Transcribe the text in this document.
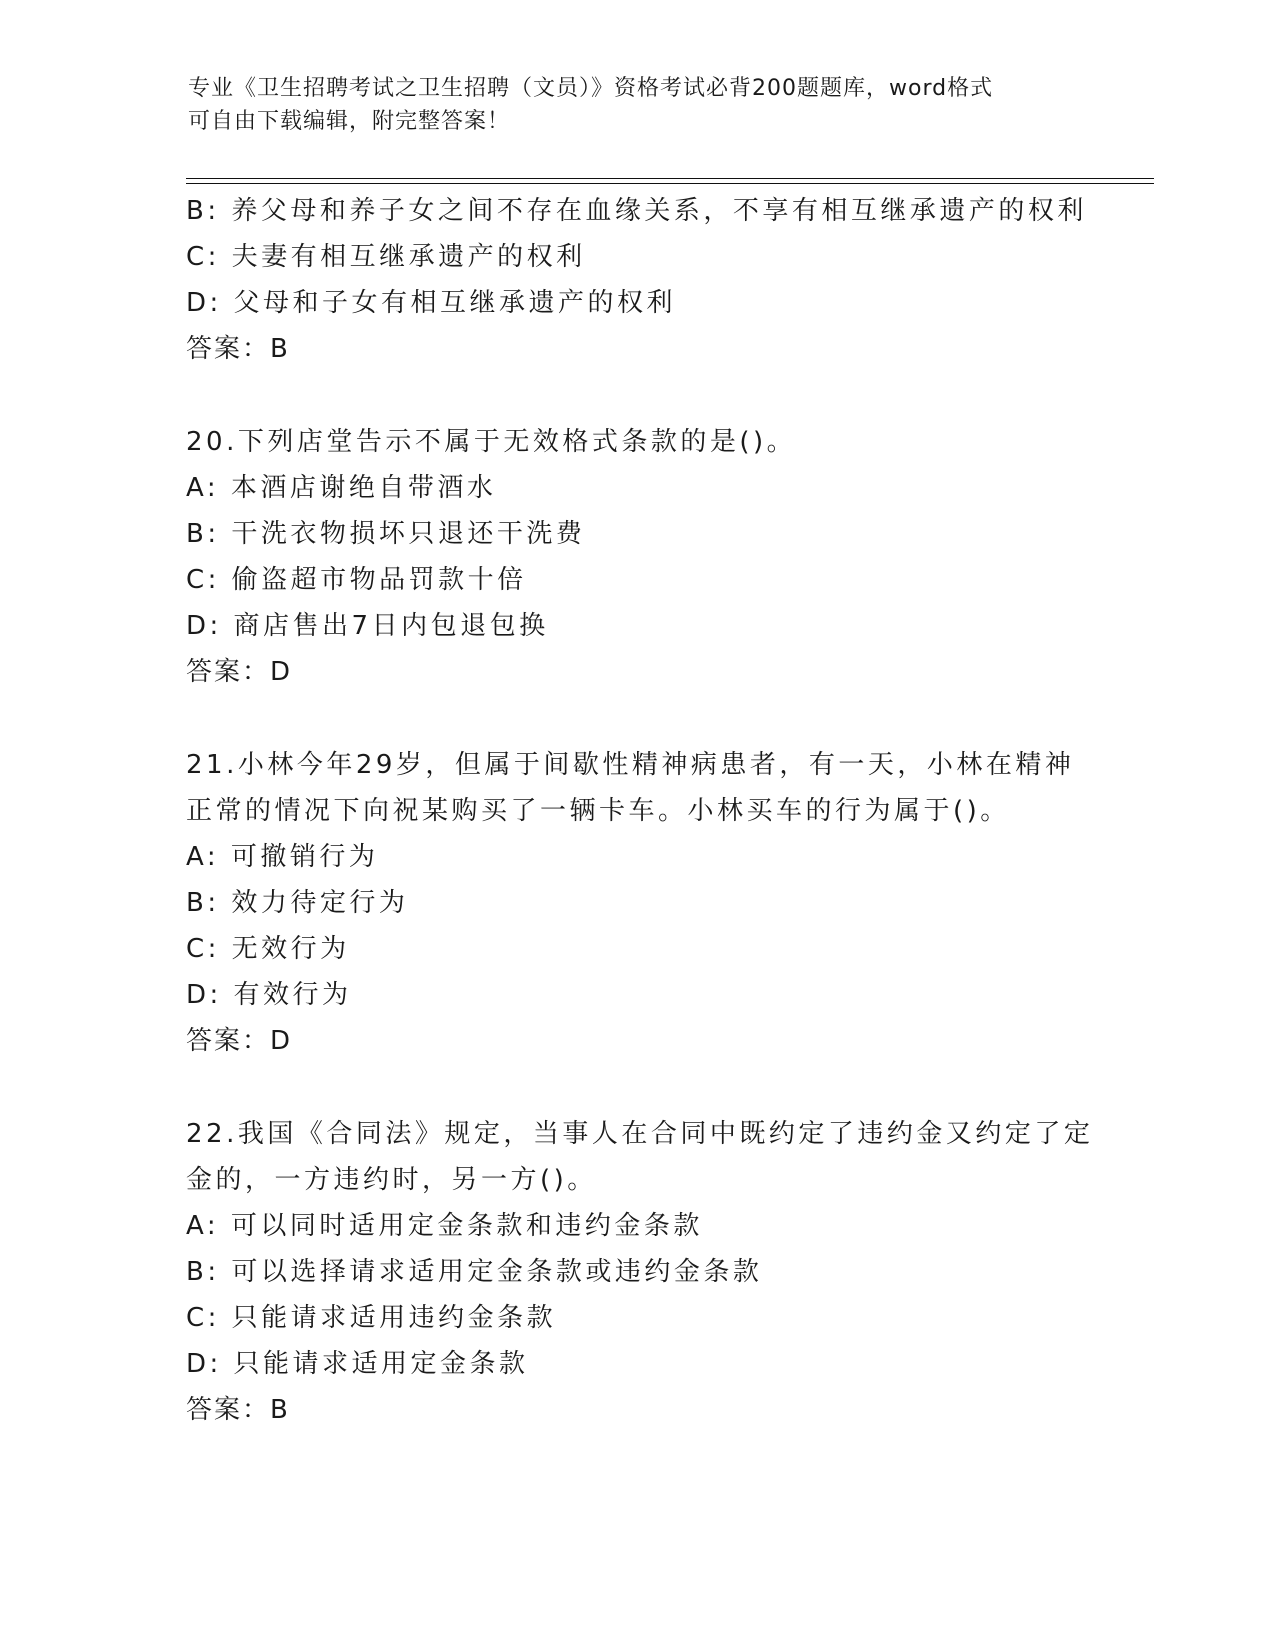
专业《卫生招聘考试之卫生招聘（文员）》资格考试必背200题题库，word格式
可自由下载编辑，附完整答案！
B: 养父母和养子女之间不存在血缘关系，不享有相互继承遗产的权利
C: 夫妻有相互继承遗产的权利
D: 父母和子女有相互继承遗产的权利
答案：B
20.下列店堂告示不属于无效格式条款的是()。
A: 本酒店谢绝自带酒水
B: 干洗衣物损坏只退还干洗费
C: 偷盗超市物品罚款十倍
D: 商店售出7日内包退包换
答案：D
21.小林今年29岁，但属于间歇性精神病患者，有一天，小林在精神
正常的情况下向祝某购买了一辆卡车。小林买车的行为属于()。
A: 可撤销行为
B: 效力待定行为
C: 无效行为
D: 有效行为
答案：D
22.我国《合同法》规定，当事人在合同中既约定了违约金又约定了定
金的，一方违约时，另一方()。
A: 可以同时适用定金条款和违约金条款
B: 可以选择请求适用定金条款或违约金条款
C: 只能请求适用违约金条款
D: 只能请求适用定金条款
答案：B
